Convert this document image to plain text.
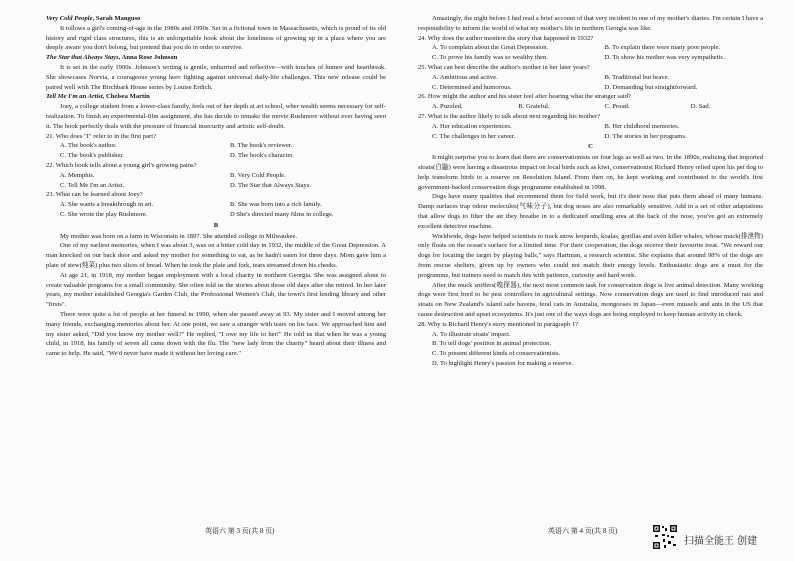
Very Cold People, Sarah Manguso

It tollows a girl's coming-of-age in the 1980s and 1990s. Set in a fictional town in Massachusetts, which is proud of its old history and rigid class structures, this is an unforgettable book about the loneliness of growing up in a place where you are deeply aware you don't belong, but pretend that you do in order to survive.

The Star that Always Stays, Anna Rose Johnson

It is set in the early 1900s. Johnson's writing is gentle, unhurried and reflective—with touches of humor and heartbreak. She showcases Norvia, a courageous young hero fighting against universal daily-life challenges. This new release could be paired well with The Birchbark House series by Louise Erdich.

Tell Me I'm an Artist, Chelsea Martin

Joey, a college student from a lower-class family, feels out of her depth at art school, wher wealth seems necessary for self-realization. To finish an experimental-film assignment, she has decide to remake the movie Rushmore without ever having seen it. The book perfectly deals with the pressure of financial insecurity and artistic self-doubt.

21. Who does "I" refer to in the first part?

A. The book's author.	B. The book's reviewer.
C. The book's publisher.	D. The book's character.

22. Which book tells about a young girl's growing pains?

A. Memphis.	B. Very Cold People.
C. Tell Me I'm an Artist.	D. The Star that Always Stays.

23. What can be learned about Joey?

A. She wants a breakthrough in art.	B. She was born into a rich family.
C. She wrote the play Rushmore.	D She's directed many films in college.

B

My mother was born on a farm in Wisconsin in 1897. She attended college in Milwaukee.

One of my earliest memories, when I was about 3, was on a bitter cold day in 1932, the middle of the Great Depression. A man knocked on our back door and asked my mother for something to eat, as he hadn't eaten for three days. Mom gave him a plate of stew(炖菜) plus two slices of bread. When he took the plate and fork, tears streamed down his cheeks.

At age 21, in 1918, my mother began employment with a local charity in northern Georgia. She was assigned alone to create valuable programs for a small community. She often told us the stories about those old days after she retired. In her later years, my mother established Georgia's Garden Club, the Professional Women's Club, the town's first lending library and other "firsts".

There were quite a lot of people at her funeral in 1990, when she passed away at 93. My sister and I moved among her many friends, exchanging memories about her. At one point, we saw a stranger with tears on his face. We approached him and my sister asked, "Did you know my mother well?" He replied, "I owe my life to her!" He told us that when he was a young child, in 1918, his family of seven all came down with the flu. The "new lady from the charity" heard about their illness and came to help. He said, "We'd never have made it without her loving care."

英语六 第 3 页(共 8 页)

Amazingly, the night before I had read a brief account of that very incident in one of my mother's diaries. I'm certain I have a responsibility to inform the world of what my mother's life in northern Georgia was like.

24. Why does the author mention the story that happened in 1932?

A. To complain about the Great Depression.	B. To explain there were many poor people.
C. To prove his family was so wealthy then.	D. To show his mother was very sympathetic.

25. What can best describe the author's mother in her later years?

A. Ambitious and active.	B. Traditional but brave.
C. Determined and humorous.	D. Demanding but straightforward.

26. How might the author and his sister feel after hearing what the stranger said?

A. Puzzled.	B. Grateful.	C. Proud.	D. Sad.

27. What is the author likely to talk about next regarding his mother?

A. Her education experiences.	B. Her childhood memories.
C. The challenges in her career.	D. The stories in her programs.

C

It might surprise you to learn that there are conservationists on four legs as well as two. In the 1890s, realizing that imported stoats(白鼬) were having a disastrous impact on local birds such as kiwi, conservationist Richard Henry relied upon his pet dog to help transform birds to a reserve on Resolution Island. From then on, he kept working and contributed to the world's first government-backed conservation dogs programme established in 1998.

Dogs have many qualities that recommend them for field work, but it's their nose that puts them ahead of many humans. Damp surfaces trap odour molecules(气味分子), but dog noses are also remarkably sensitive. Add in a set of other adaptations that allow dogs to filter the air they breathe in to a dedicated smelling area at the back of the nose, you've got an extremely excellent detective machine.

Worldwide, dogs have helped scientists to track snow leopards, koalas, gorillas and even killer whales, whose muck(排泄物) only floats on the ocean's surface for a limited time. For their cooperation, the dogs receive their favourite treat. "We reward our dogs for locating the target by playing balls," says Hartman, a research scientist. She explains that around 98% of the dogs are from rescue shelters, given up by owners who could not match their energy levels. Enthusiastic dogs are a must for the programme, but trainers need to match this with patience, curiosity and hard work.

After the muck sniffers(嗅探器), the next most common task for conservation dogs is live animal detection. Many working dogs were first bred to be pest controllers in agricultural settings. Now conservation dogs are used to find introduced rats and stoats on New Zealand's island safe havens, feral cats in Australia, mongooses in Japan—even mussels and ants in the US that cause destruction and upset ecosystems. It's just one of the ways dogs are being employed to keep human activity in check.

28. Why is Richard Henry's story mentioned in paragraph 1?

A. To illustrate stoats' impact.
B. To tell dogs' position in animal protection.
C. To present different kinds of conservationists.
D. To highlight Henry's passion for making a reserve.
英语六 第 4 页(共 8 页)
扫描全能王 创建
